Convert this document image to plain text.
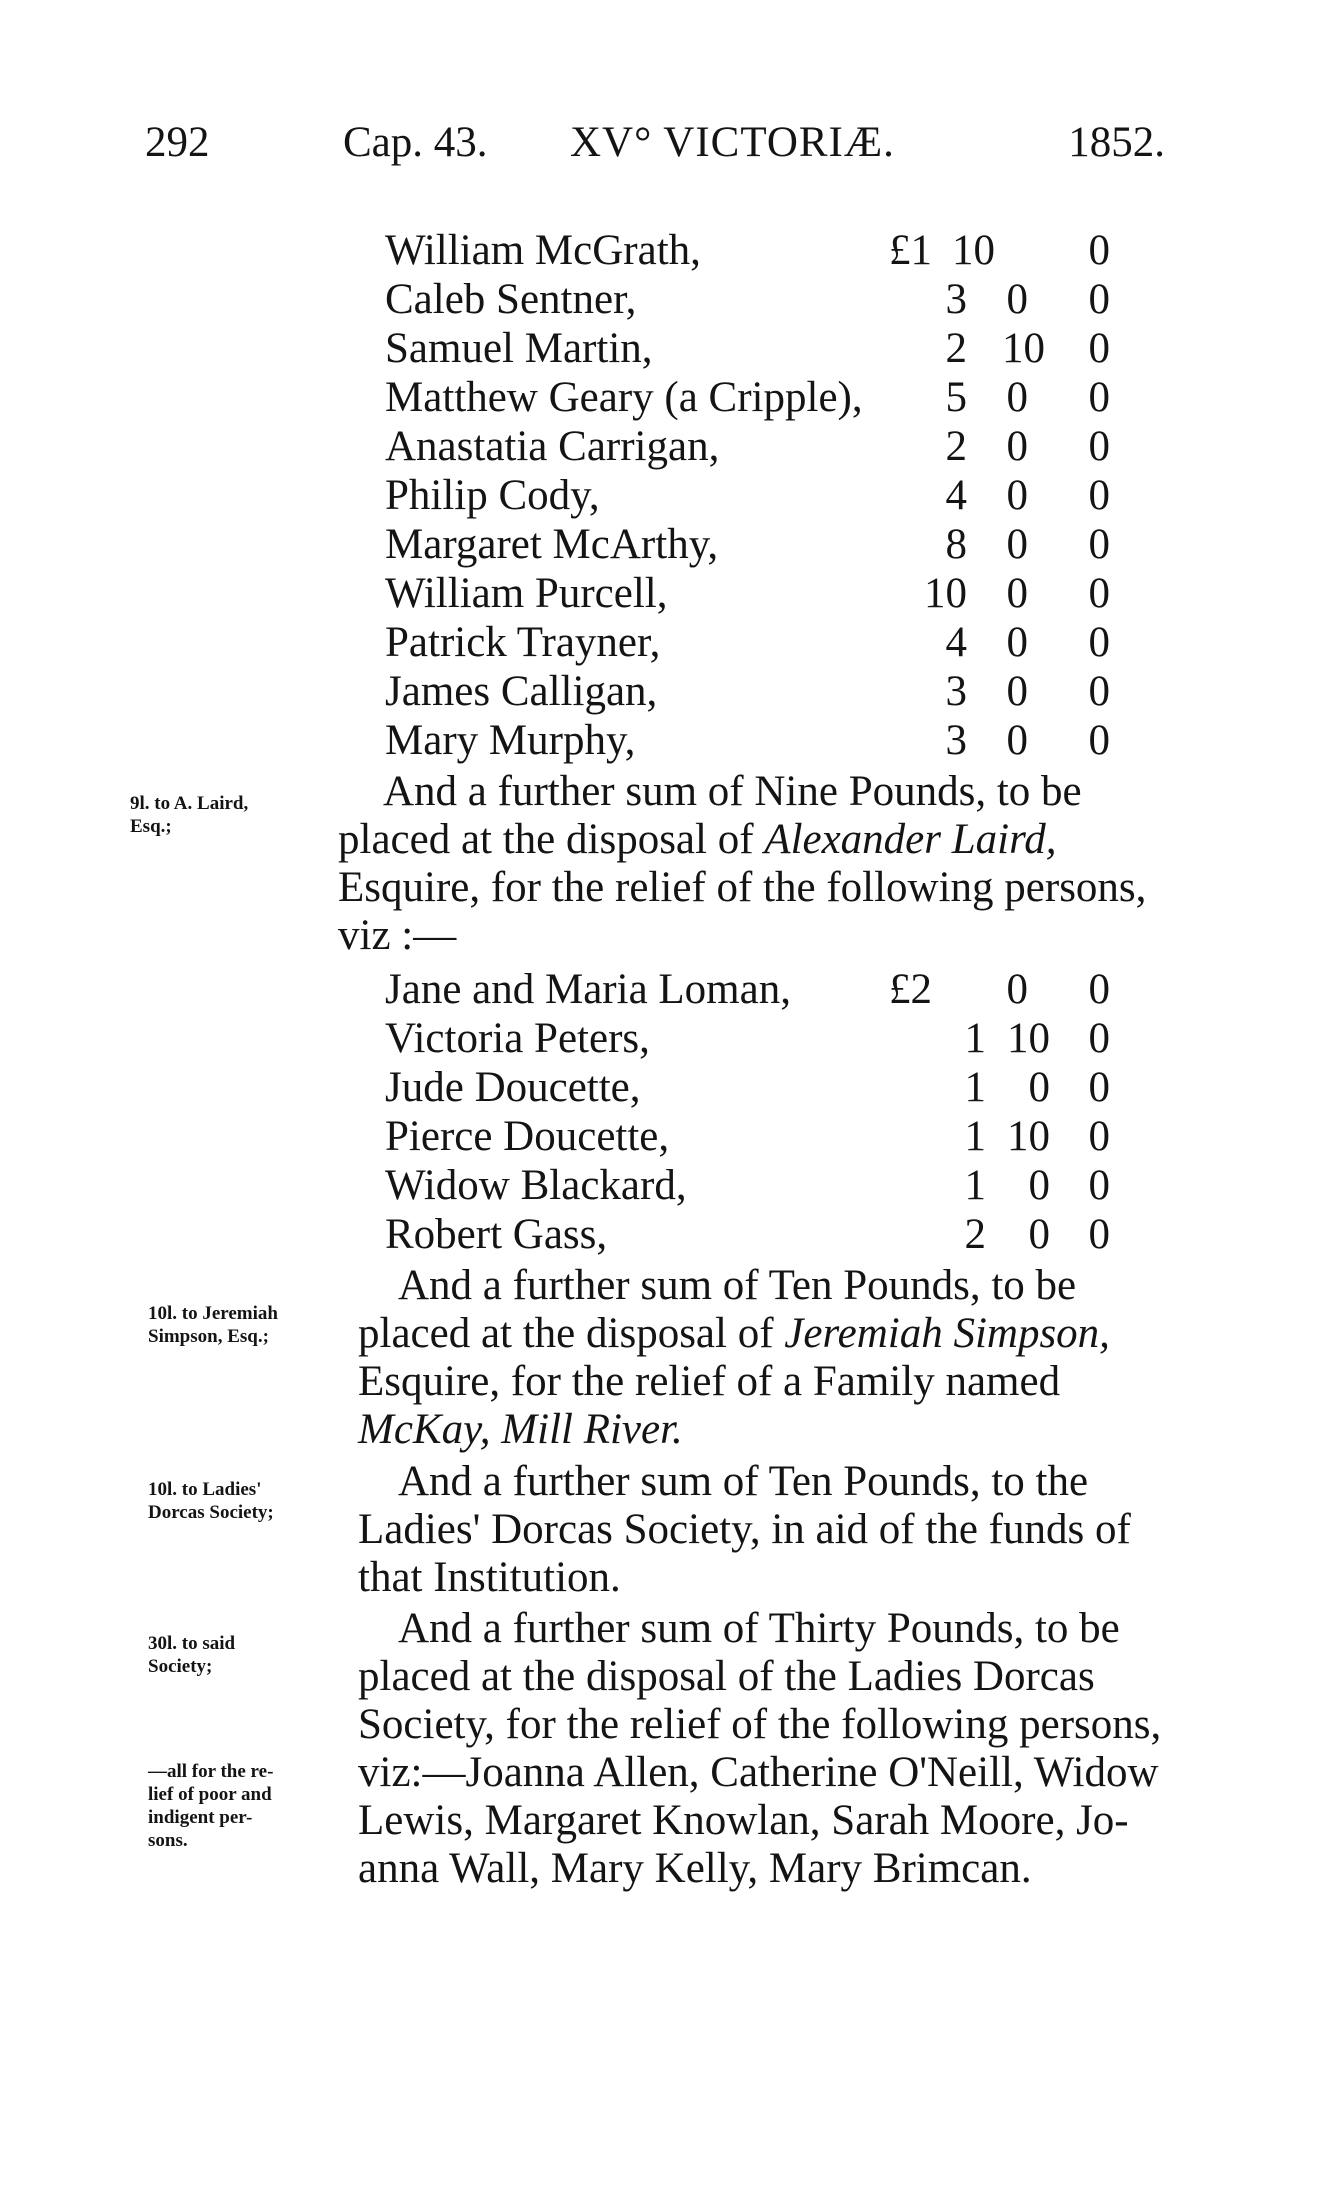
292	Cap. 43. XV° VICTORIÆ.	1852.
William McGrath,	£1 10 0
Caleb Sentner,	3 0 0
Samuel Martin,	2 10 0
Matthew Geary (a Cripple), 5 0 0
Anastatia Carrigan,	2 0 0
Philip Cody,	4 0 0
Margaret McArthy,	8 0 0
William Purcell,	10 0 0
Patrick Trayner,	4 0 0
James Calligan,	3 0 0
Mary Murphy,	3 0 0
9l. to A. Laird,
Esq.;
And a further sum of Nine Pounds, to be
placed at the disposal of Alexander Laird,
Esquire, for the relief of the following persons,
viz :—
Jane and Maria Loman, £2 0 0
Victoria Peters,	1 10 0
Jude Doucette,	1 0 0
Pierce Doucette,	1 10 0
Widow Blackard,	1 0 0
Robert Gass,	2 0 0
10l. to Jeremiah
Simpson, Esq.;
And a further sum of Ten Pounds, to be
placed at the disposal of Jeremiah Simpson,
Esquire, for the relief of a Family named
McKay, Mill River.
10l. to Ladies'
Dorcas Society;
And a further sum of Ten Pounds, to the
Ladies' Dorcas Society, in aid of the funds of
that Institution.
30l. to said
Society;
—all for the re-
lief of poor and
indigent per-
sons.
And a further sum of Thirty Pounds, to be
placed at the disposal of the Ladies Dorcas
Society, for the relief of the following persons,
viz:—Joanna Allen, Catherine O'Neill, Widow
Lewis, Margaret Knowlan, Sarah Moore, Jo-
anna Wall, Mary Kelly, Mary Brimcan.
